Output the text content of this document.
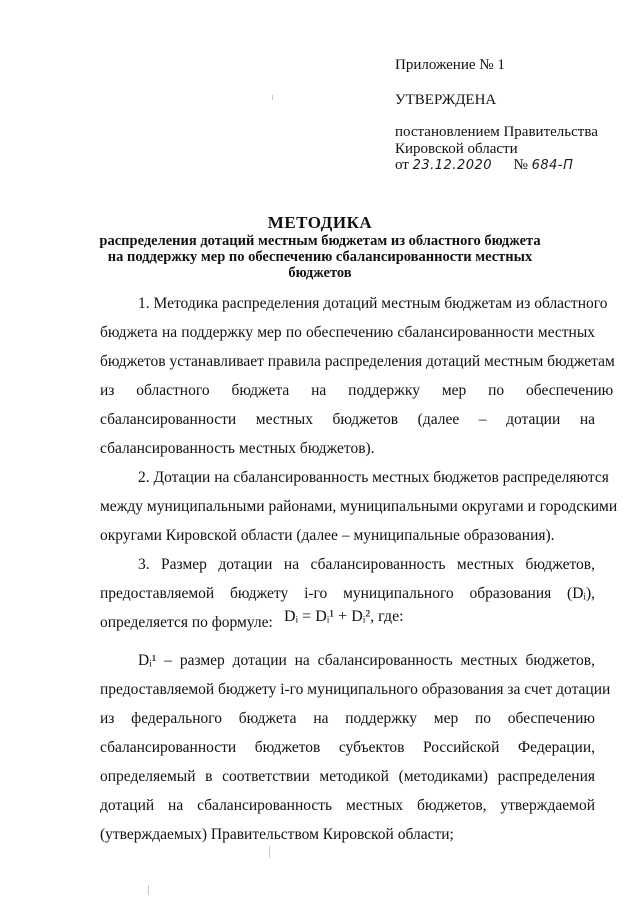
Приложение № 1
УТВЕРЖДЕНА
постановлением Правительства
Кировской области
от 23.12.2020 № 684-П
МЕТОДИКА
распределения дотаций местным бюджетам из областного бюджета
на поддержку мер по обеспечению сбалансированности местных
бюджетов
1. Методика распределения дотаций местным бюджетам из областного
бюджета на поддержку мер по обеспечению сбалансированности местных
бюджетов устанавливает правила распределения дотаций местным бюджетам
из областного бюджета на поддержку мер по обеспечению
сбалансированности местных бюджетов (далее – дотации на
сбалансированность местных бюджетов).
2. Дотации на сбалансированность местных бюджетов распределяются
между муниципальными районами, муниципальными округами и городскими
округами Кировской области (далее – муниципальные образования).
3. Размер дотации на сбалансированность местных бюджетов,
предоставляемой бюджету i-го муниципального образования (Dᵢ),
определяется по формуле: Dᵢ = Dᵢ¹ + Dᵢ², где:
Dᵢ¹ – размер дотации на сбалансированность местных бюджетов,
предоставляемой бюджету i-го муниципального образования за счет дотации
из федерального бюджета на поддержку мер по обеспечению
сбалансированности бюджетов субъектов Российской Федерации,
определяемый в соответствии методикой (методиками) распределения
дотаций на сбалансированность местных бюджетов, утверждаемой
(утверждаемых) Правительством Кировской области;
